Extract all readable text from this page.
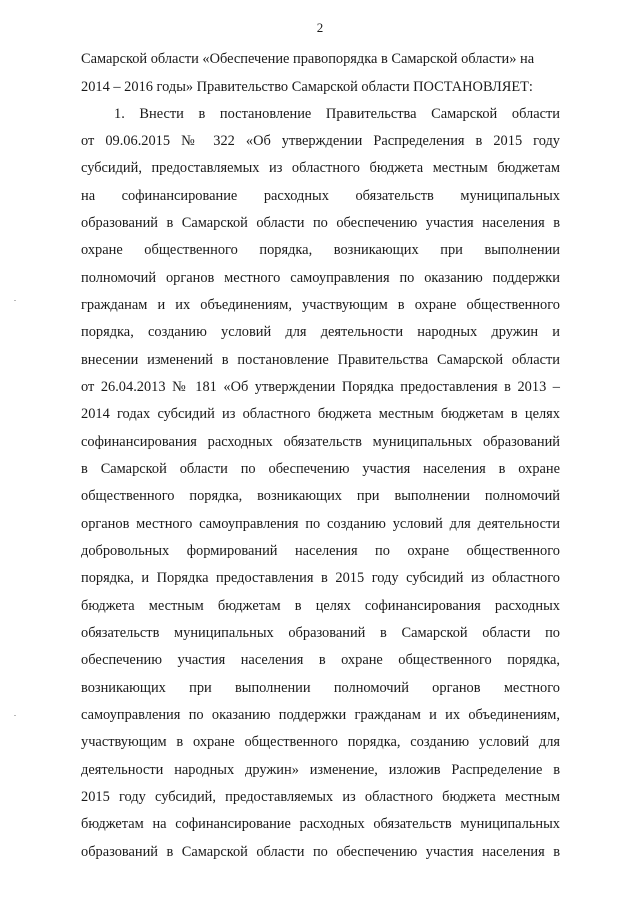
2
Самарской области «Обеспечение правопорядка в Самарской области» на
2014 – 2016 годы» Правительство Самарской области ПОСТАНОВЛЯЕТ:
1. Внести в постановление Правительства Самарской области
от 09.06.2015 № 322 «Об утверждении Распределения в 2015 году
субсидий, предоставляемых из областного бюджета местным бюджетам
на софинансирование расходных обязательств муниципальных
образований в Самарской области по обеспечению участия населения в
охране общественного порядка, возникающих при выполнении
полномочий органов местного самоуправления по оказанию поддержки
гражданам и их объединениям, участвующим в охране общественного
порядка, созданию условий для деятельности народных дружин и
внесении изменений в постановление Правительства Самарской области
от 26.04.2013 № 181 «Об утверждении Порядка предоставления в 2013 –
2014 годах субсидий из областного бюджета местным бюджетам в целях
софинансирования расходных обязательств муниципальных образований
в Самарской области по обеспечению участия населения в охране
общественного порядка, возникающих при выполнении полномочий
органов местного самоуправления по созданию условий для деятельности
добровольных формирований населения по охране общественного
порядка, и Порядка предоставления в 2015 году субсидий из областного
бюджета местным бюджетам в целях софинансирования расходных
обязательств муниципальных образований в Самарской области по
обеспечению участия населения в охране общественного порядка,
возникающих при выполнении полномочий органов местного
самоуправления по оказанию поддержки гражданам и их объединениям,
участвующим в охране общественного порядка, созданию условий для
деятельности народных дружин» изменение, изложив Распределение в
2015 году субсидий, предоставляемых из областного бюджета местным
бюджетам на софинансирование расходных обязательств муниципальных
образований в Самарской области по обеспечению участия населения в
